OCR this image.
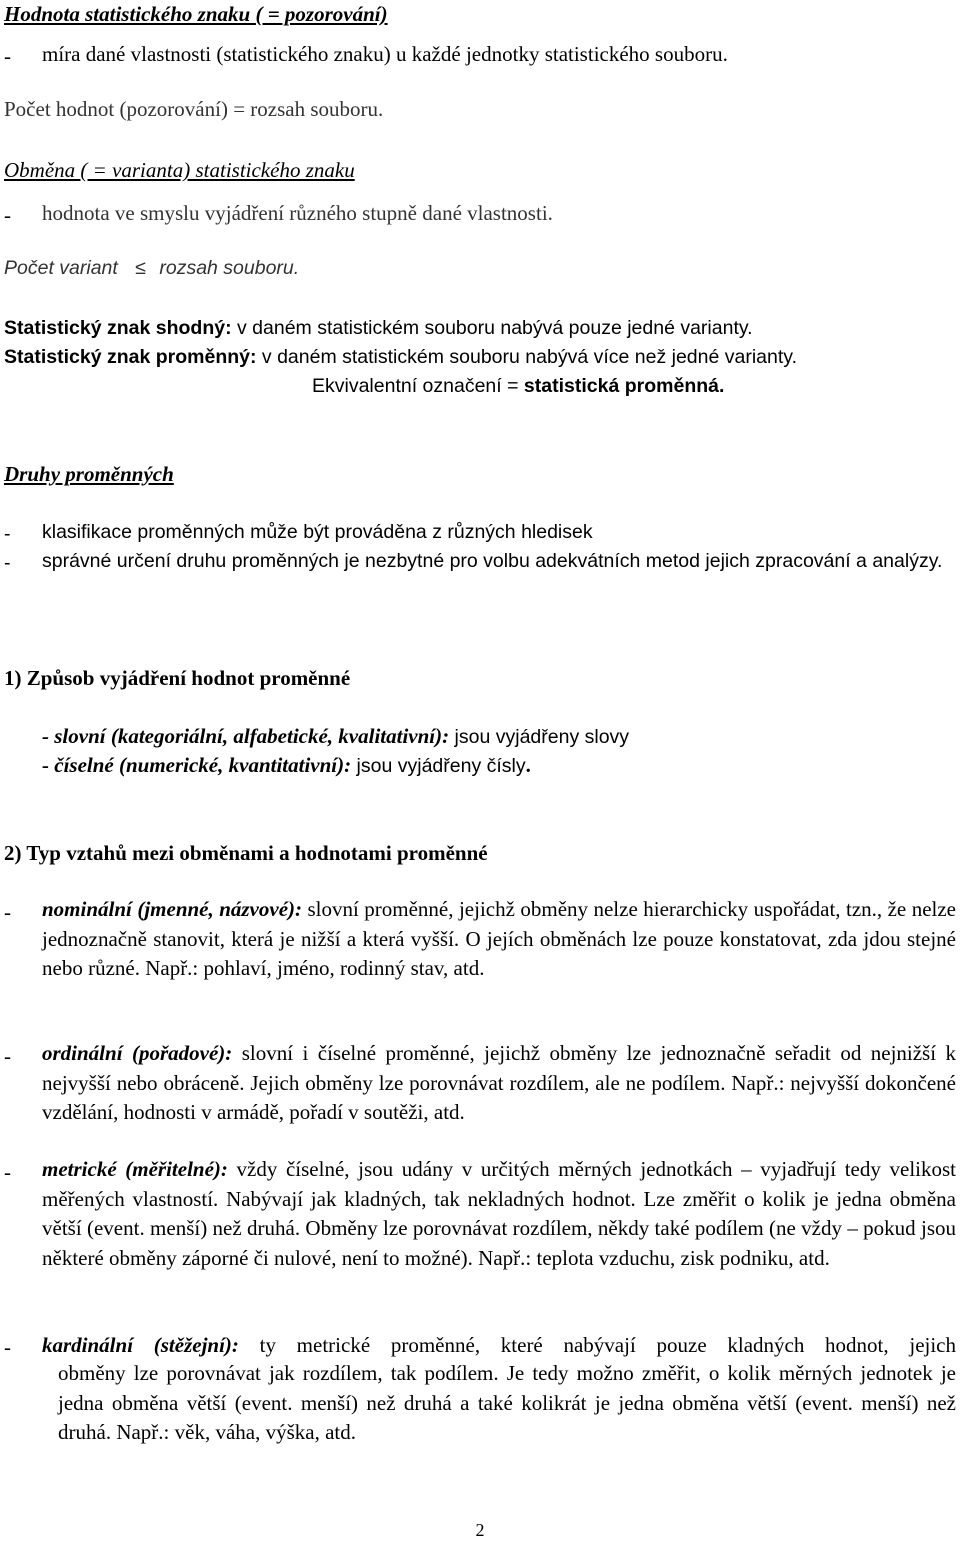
Hodnota statistického znaku ( = pozorování)
- míra dané vlastnosti (statistického znaku) u každé jednotky statistického souboru.
Počet hodnot (pozorování) = rozsah souboru.
Obměna ( = varianta) statistického znaku
- hodnota ve smyslu vyjádření různého stupně dané vlastnosti.
Počet variant ≤ rozsah souboru.
Statistický znak shodný: v daném statistickém souboru nabývá pouze jedné varianty.
Statistický znak proměnný: v daném statistickém souboru nabývá více než jedné varianty.
Ekvivalentní označení = statistická proměnná.
Druhy proměnných
- klasifikace proměnných může být prováděna z různých hledisek
- správné určení druhu proměnných je nezbytné pro volbu adekvátních metod jejich zpracování a analýzy.
1) Způsob vyjádření hodnot proměnné
- slovní (kategoriální, alfabetické, kvalitativní): jsou vyjádřeny slovy
- číselné (numerické, kvantitativní): jsou vyjádřeny čísly.
2) Typ vztahů mezi obměnami a hodnotami proměnné
- nominální (jmenné, názvové): slovní proměnné, jejichž obměny nelze hierarchicky uspořádat, tzn., že nelze jednoznačně stanovit, která je nižší a která vyšší. O jejích obměnách lze pouze konstatovat, zda jdou stejné nebo různé. Např.: pohlaví, jméno, rodinný stav, atd.
- ordinální (pořadové): slovní i číselné proměnné, jejichž obměny lze jednoznačně seřadit od nejnižší k nejvyšší nebo obráceně. Jejich obměny lze porovnávat rozdílem, ale ne podílem. Např.: nejvyšší dokončené vzdělání, hodnosti v armádě, pořadí v soutěži, atd.
- metrické (měřitelné): vždy číselné, jsou udány v určitých měrných jednotkách – vyjadřují tedy velikost měřených vlastností. Nabývají jak kladných, tak nekladných hodnot. Lze změřit o kolik je jedna obměna větší (event. menší) než druhá. Obměny lze porovnávat rozdílem, někdy také podílem (ne vždy – pokud jsou některé obměny záporné či nulové, není to možné). Např.: teplota vzduchu, zisk podniku, atd.
- kardinální (stěžejní): ty metrické proměnné, které nabývají pouze kladných hodnot, jejich
obměny lze porovnávat jak rozdílem, tak podílem. Je tedy možno změřit, o kolik měrných jednotek je jedna obměna větší (event. menší) než druhá a také kolikrát je jedna obměna větší (event. menší) než druhá. Např.: věk, váha, výška, atd.
2
